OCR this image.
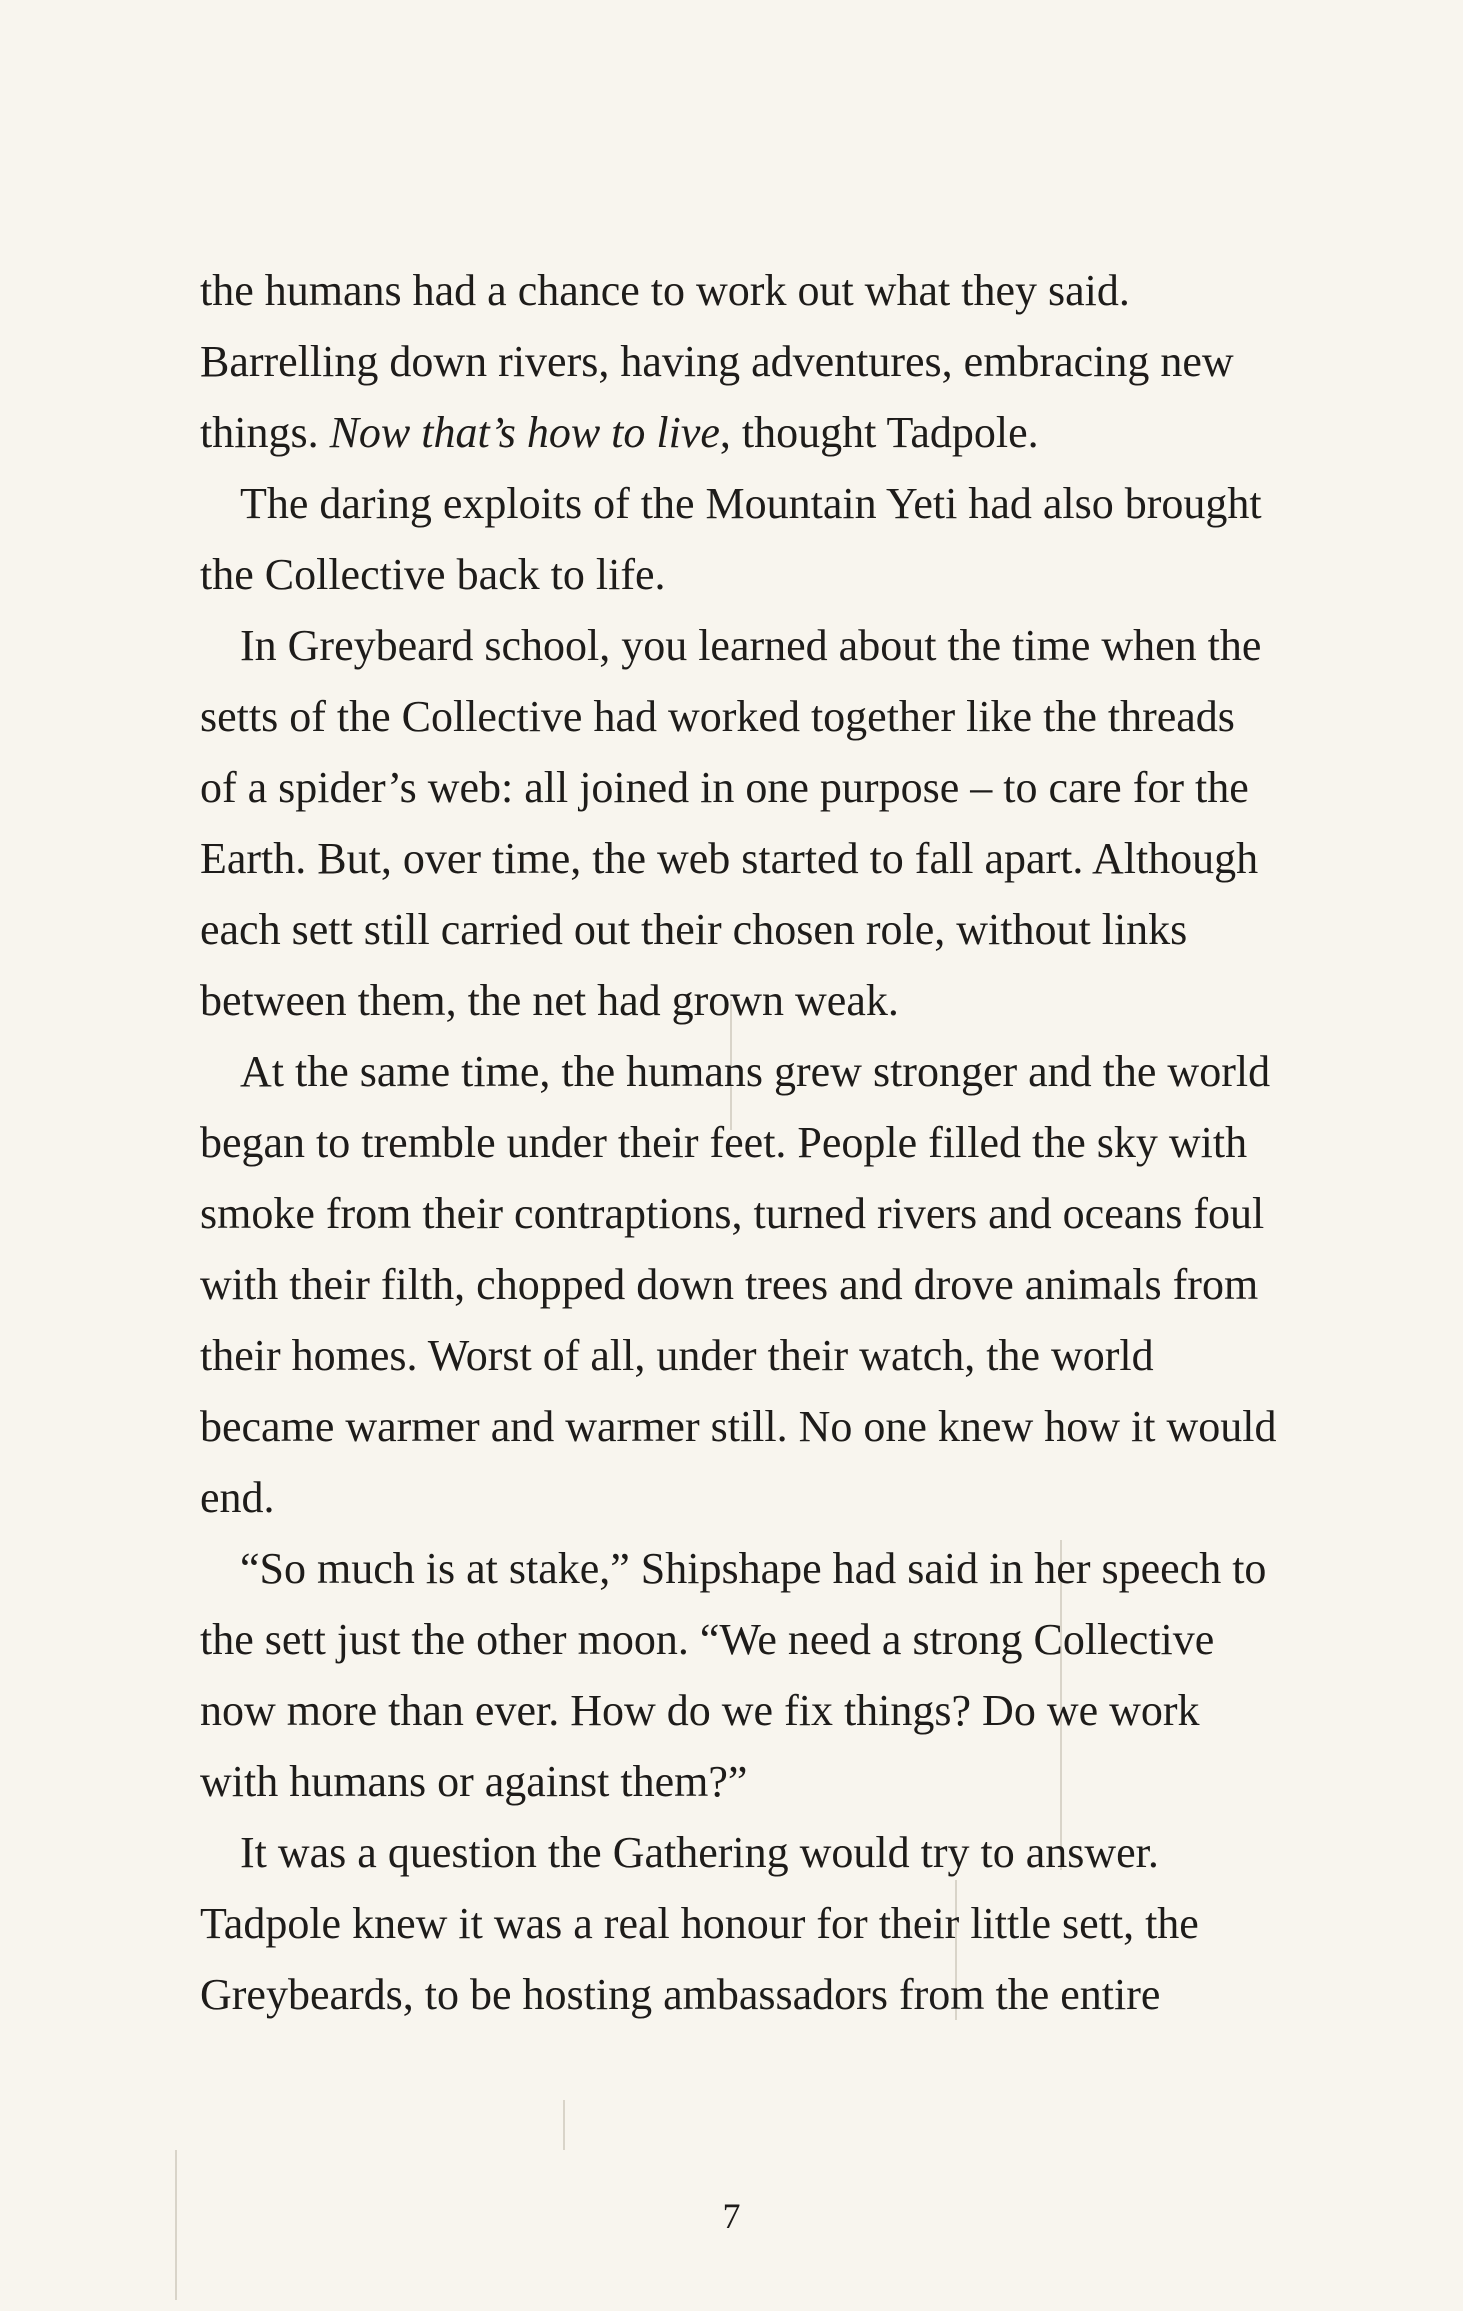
the humans had a chance to work out what they said. Barrelling down rivers, having adventures, embracing new things. Now that’s how to live, thought Tadpole.

The daring exploits of the Mountain Yeti had also brought the Collective back to life.

In Greybeard school, you learned about the time when the setts of the Collective had worked together like the threads of a spider’s web: all joined in one purpose – to care for the Earth. But, over time, the web started to fall apart. Although each sett still carried out their chosen role, without links between them, the net had grown weak.

At the same time, the humans grew stronger and the world began to tremble under their feet. People filled the sky with smoke from their contraptions, turned rivers and oceans foul with their filth, chopped down trees and drove animals from their homes. Worst of all, under their watch, the world became warmer and warmer still. No one knew how it would end.

“So much is at stake,” Shipshape had said in her speech to the sett just the other moon. “We need a strong Collective now more than ever. How do we fix things? Do we work with humans or against them?”

It was a question the Gathering would try to answer. Tadpole knew it was a real honour for their little sett, the Greybeards, to be hosting ambassadors from the entire

7
